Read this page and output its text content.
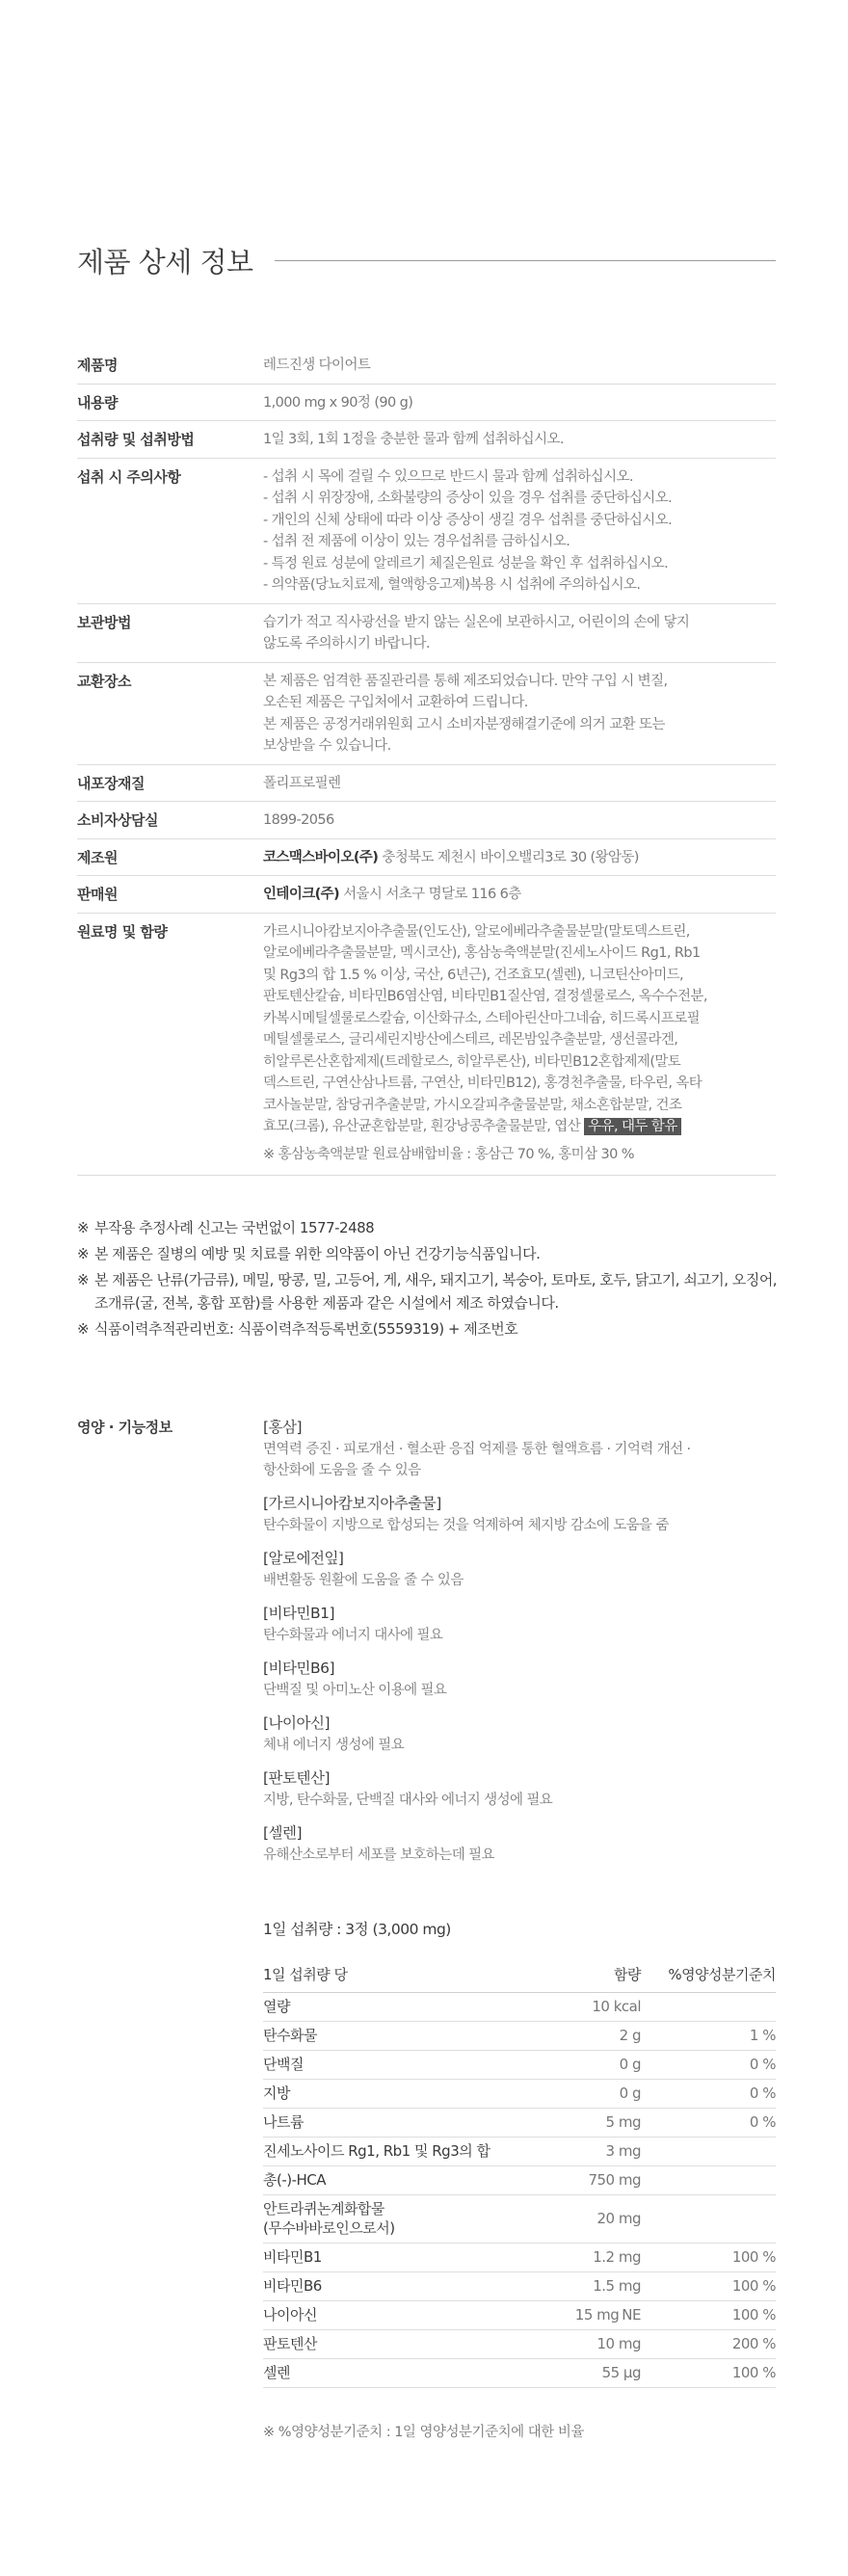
제품 상세 정보
제품명	레드진생 다이어트
내용량	1,000 mg x 90정 (90 g)
섭취량 및 섭취방법	1일 3회, 1회 1정을 충분한 물과 함께 섭취하십시오.
섭취 시 주의사항	- 섭취 시 목에 걸릴 수 있으므로 반드시 물과 함께 섭취하십시오.
- 섭취 시 위장장애, 소화불량의 증상이 있을 경우 섭취를 중단하십시오.
- 개인의 신체 상태에 따라 이상 증상이 생길 경우 섭취를 중단하십시오.
- 섭취 전 제품에 이상이 있는 경우섭취를 금하십시오.
- 특정 원료 성분에 알레르기 체질은원료 성분을 확인 후 섭취하십시오.
- 의약품(당뇨치료제, 혈액항응고제)복용 시 섭취에 주의하십시오.
보관방법	습기가 적고 직사광선을 받지 않는 실온에 보관하시고, 어린이의 손에 닿지
않도록 주의하시기 바랍니다.
교환장소	본 제품은 엄격한 품질관리를 통해 제조되었습니다. 만약 구입 시 변질,
오손된 제품은 구입처에서 교환하여 드립니다.
본 제품은 공정거래위원회 고시 소비자분쟁해결기준에 의거 교환 또는
보상받을 수 있습니다.
내포장재질	폴리프로필렌
소비자상담실	1899-2056
제조원	코스맥스바이오(주) 충청북도 제천시 바이오밸리3로 30 (왕암동)
판매원	인테이크(주) 서울시 서초구 명달로 116 6층
원료명 및 함량	가르시니아캄보지아추출물(인도산), 알로에베라추출물분말(말토덱스트린,
알로에베라추출물분말, 멕시코산), 홍삼농축액분말(진세노사이드 Rg1, Rb1
및 Rg3의 합 1.5 % 이상, 국산, 6년근), 건조효모(셀렌), 니코틴산아미드,
판토텐산칼슘, 비타민B6염산염, 비타민B1질산염, 결정셀룰로스, 옥수수전분,
카복시메틸셀룰로스칼슘, 이산화규소, 스테아린산마그네슘, 히드록시프로필
메틸셀룰로스, 글리세린지방산에스테르, 레몬밤잎추출분말, 생선콜라겐,
히알루론산혼합제제(트레할로스, 히알루론산), 비타민B12혼합제제(말토
덱스트린, 구연산삼나트륨, 구연산, 비타민B12), 홍경천추출물, 타우린, 옥타
코사놀분말, 참당귀추출분말, 가시오갈피추출물분말, 채소혼합분말, 건조
효모(크롬), 유산균혼합분말, 흰강낭콩추출물분말, 엽산 우유, 대두 함유
※ 홍삼농축액분말 원료삼배합비율 : 홍삼근 70 %, 홍미삼 30 %
※ 부작용 추정사례 신고는 국번없이 1577-2488
※ 본 제품은 질병의 예방 및 치료를 위한 의약품이 아닌 건강기능식품입니다.
※ 본 제품은 난류(가금류), 메밀, 땅콩, 밀, 고등어, 게, 새우, 돼지고기, 복숭아, 토마토, 호두, 닭고기, 쇠고기, 오징어, 조개류(굴, 전복, 홍합 포함)를 사용한 제품과 같은 시설에서 제조 하였습니다.
※ 식품이력추적관리번호: 식품이력추적등록번호(5559319) + 제조번호
영양 · 기능정보	[홍삼]
면역력 증진 · 피로개선 · 혈소판 응집 억제를 통한 혈액흐름 · 기억력 개선 ·
항산화에 도움을 줄 수 있음
[가르시니아캄보지아추출물]
탄수화물이 지방으로 합성되는 것을 억제하여 체지방 감소에 도움을 줌
[알로에전잎]
배변활동 원활에 도움을 줄 수 있음
[비타민B1]
탄수화물과 에너지 대사에 필요
[비타민B6]
단백질 및 아미노산 이용에 필요
[나이아신]
체내 에너지 생성에 필요
[판토텐산]
지방, 탄수화물, 단백질 대사와 에너지 생성에 필요
[셀렌]
유해산소로부터 세포를 보호하는데 필요
1일 섭취량 : 3정 (3,000 mg)
1일 섭취량 당	함량	%영양성분기준치

열량	10 kcal	

탄수화물	2 g	1 %

단백질	0 g	0 %

지방	0 g	0 %

나트륨	5 mg	0 %

진세노사이드 Rg1, Rb1 및 Rg3의 합	3 mg	

총(-)-HCA	750 mg	

안트라퀴논계화합물
(무수바바로인으로서)	20 mg	

비타민B1	1.2 mg	100 %

비타민B6	1.5 mg	100 %

나이아신	15 mg NE	100 %

판토텐산	10 mg	200 %

셀렌	55 μg	100 %
※ %영양성분기준치 : 1일 영양성분기준치에 대한 비율
